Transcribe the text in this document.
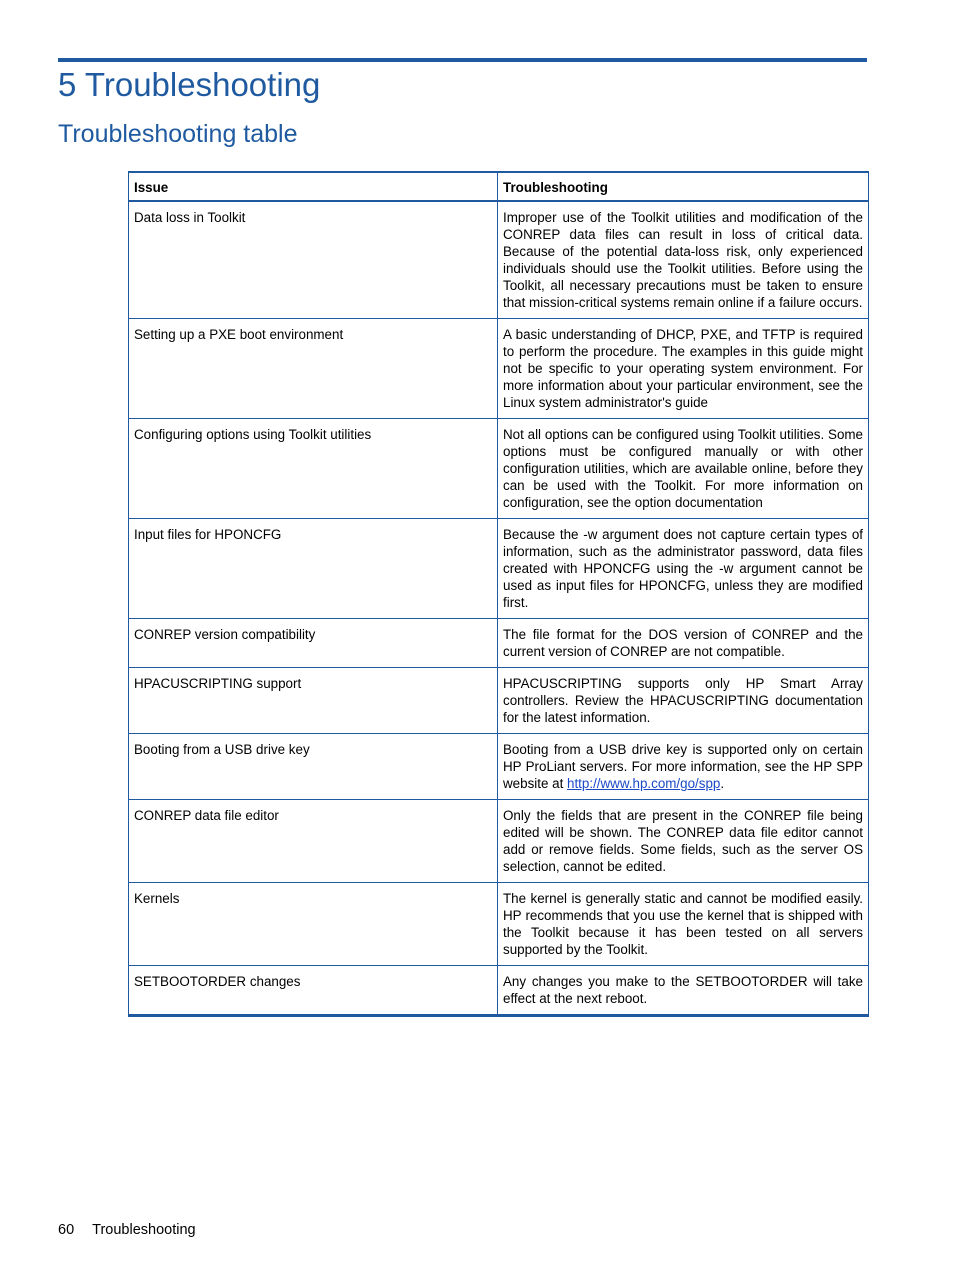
5 Troubleshooting
Troubleshooting table
Issue	Troubleshooting
Data loss in Toolkit	Improper use of the Toolkit utilities and modification of the CONREP data files can result in loss of critical data. Because of the potential data-loss risk, only experienced individuals should use the Toolkit utilities. Before using the Toolkit, all necessary precautions must be taken to ensure that mission-critical systems remain online if a failure occurs.
Setting up a PXE boot environment	A basic understanding of DHCP, PXE, and TFTP is required to perform the procedure. The examples in this guide might not be specific to your operating system environment. For more information about your particular environment, see the Linux system administrator's guide
Configuring options using Toolkit utilities	Not all options can be configured using Toolkit utilities. Some options must be configured manually or with other configuration utilities, which are available online, before they can be used with the Toolkit. For more information on configuration, see the option documentation
Input files for HPONCFG	Because the -w argument does not capture certain types of information, such as the administrator password, data files created with HPONCFG using the -w argument cannot be used as input files for HPONCFG, unless they are modified first.
CONREP version compatibility	The file format for the DOS version of CONREP and the current version of CONREP are not compatible.
HPACUSCRIPTING support	HPACUSCRIPTING supports only HP Smart Array controllers. Review the HPACUSCRIPTING documentation for the latest information.
Booting from a USB drive key	Booting from a USB drive key is supported only on certain HP ProLiant servers. For more information, see the HP SPP website at http://www.hp.com/go/spp.
CONREP data file editor	Only the fields that are present in the CONREP file being edited will be shown. The CONREP data file editor cannot add or remove fields. Some fields, such as the server OS selection, cannot be edited.
Kernels	The kernel is generally static and cannot be modified easily. HP recommends that you use the kernel that is shipped with the Toolkit because it has been tested on all servers supported by the Toolkit.
SETBOOTORDER changes	Any changes you make to the SETBOOTORDER will take effect at the next reboot.
60 Troubleshooting
